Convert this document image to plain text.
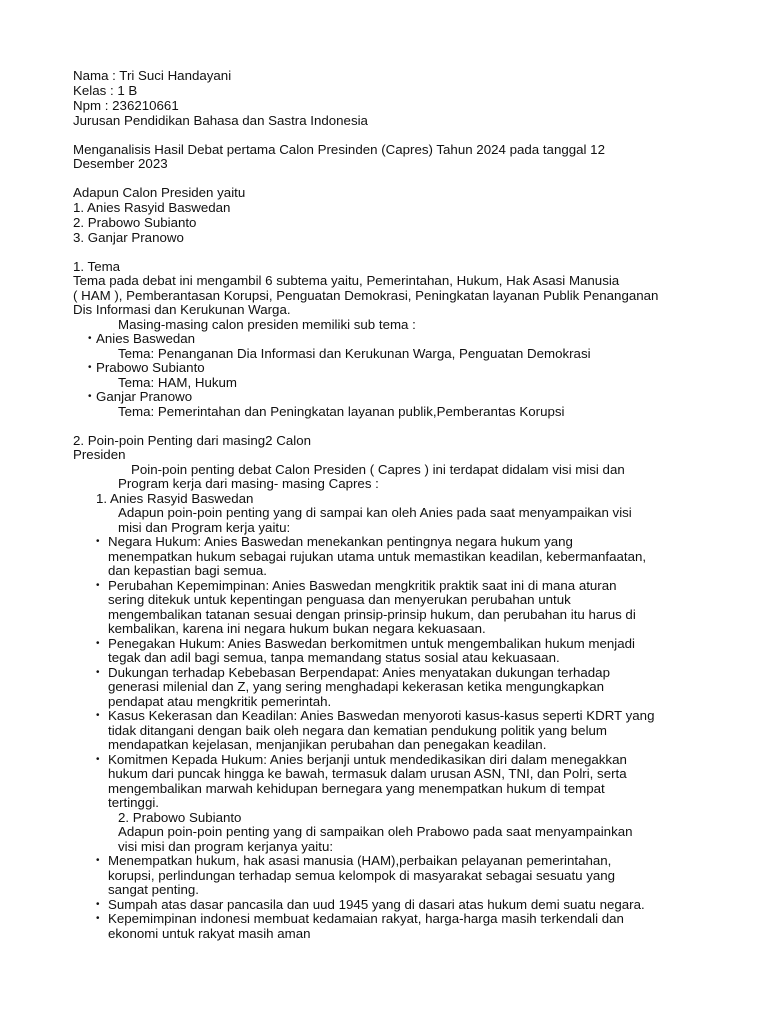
Nama : Tri Suci Handayani
Kelas : 1 B
Npm : 236210661
Jurusan Pendidikan Bahasa dan Sastra Indonesia
Menganalisis Hasil Debat pertama Calon Presinden (Capres) Tahun 2024 pada tanggal 12
Desember 2023
Adapun Calon Presiden yaitu
1. Anies Rasyid Baswedan
2. Prabowo Subianto
3. Ganjar Pranowo
1. Tema
Tema pada debat ini mengambil 6 subtema yaitu, Pemerintahan, Hukum, Hak Asasi Manusia
( HAM ), Pemberantasan Korupsi, Penguatan Demokrasi, Peningkatan layanan Publik Penanganan
Dis Informasi dan Kerukunan Warga.
Masing-masing calon presiden memiliki sub tema :
• Anies Baswedan
Tema: Penanganan Dia Informasi dan Kerukunan Warga, Penguatan Demokrasi
• Prabowo Subianto
Tema: HAM, Hukum
• Ganjar Pranowo
Tema: Pemerintahan dan Peningkatan layanan publik,Pemberantas Korupsi
2. Poin-poin Penting dari masing2 Calon
Presiden
Poin-poin penting debat Calon Presiden ( Capres ) ini terdapat didalam visi misi dan
Program kerja dari masing- masing Capres :
1. Anies Rasyid Baswedan
Adapun poin-poin penting yang di sampai kan oleh Anies pada saat menyampaikan visi
misi dan Program kerja yaitu:
• Negara Hukum: Anies Baswedan menekankan pentingnya negara hukum yang
menempatkan hukum sebagai rujukan utama untuk memastikan keadilan, kebermanfaatan,
dan kepastian bagi semua.
• Perubahan Kepemimpinan: Anies Baswedan mengkritik praktik saat ini di mana aturan
sering ditekuk untuk kepentingan penguasa dan menyerukan perubahan untuk
mengembalikan tatanan sesuai dengan prinsip-prinsip hukum, dan perubahan itu harus di
kembalikan, karena ini negara hukum bukan negara kekuasaan.
• Penegakan Hukum: Anies Baswedan berkomitmen untuk mengembalikan hukum menjadi
tegak dan adil bagi semua, tanpa memandang status sosial atau kekuasaan.
• Dukungan terhadap Kebebasan Berpendapat: Anies menyatakan dukungan terhadap
generasi milenial dan Z, yang sering menghadapi kekerasan ketika mengungkapkan
pendapat atau mengkritik pemerintah.
• Kasus Kekerasan dan Keadilan: Anies Baswedan menyoroti kasus-kasus seperti KDRT yang
tidak ditangani dengan baik oleh negara dan kematian pendukung politik yang belum
mendapatkan kejelasan, menjanjikan perubahan dan penegakan keadilan.
• Komitmen Kepada Hukum: Anies berjanji untuk mendedikasikan diri dalam menegakkan
hukum dari puncak hingga ke bawah, termasuk dalam urusan ASN, TNI, dan Polri, serta
mengembalikan marwah kehidupan bernegara yang menempatkan hukum di tempat
tertinggi.
2. Prabowo Subianto
Adapun poin-poin penting yang di sampaikan oleh Prabowo pada saat menyampainkan
visi misi dan program kerjanya yaitu:
• Menempatkan hukum, hak asasi manusia (HAM),perbaikan pelayanan pemerintahan,
korupsi, perlindungan terhadap semua kelompok di masyarakat sebagai sesuatu yang
sangat penting.
• Sumpah atas dasar pancasila dan uud 1945 yang di dasari atas hukum demi suatu negara.
• Kepemimpinan indonesi membuat kedamaian rakyat, harga-harga masih terkendali dan
ekonomi untuk rakyat masih aman
